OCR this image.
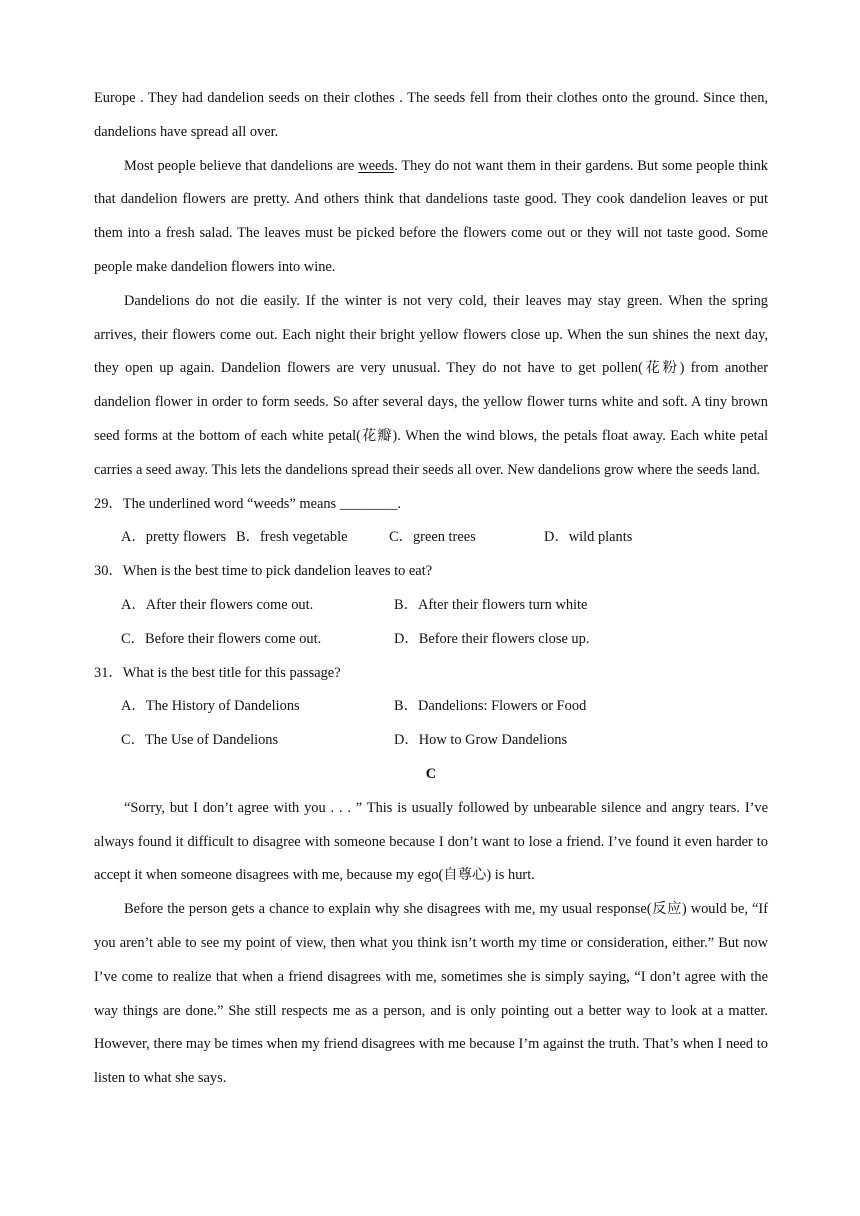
Europe . They had dandelion seeds on their clothes . The seeds fell from their clothes onto the ground. Since then, dandelions have spread all over.

Most people believe that dandelions are weeds. They do not want them in their gardens. But some people think that dandelion flowers are pretty. And others think that dandelions taste good. They cook dandelion leaves or put them into a fresh salad. The leaves must be picked before the flowers come out or they will not taste good. Some people make dandelion flowers into wine.

Dandelions do not die easily. If the winter is not very cold, their leaves may stay green. When the spring arrives, their flowers come out. Each night their bright yellow flowers close up. When the sun shines the next day, they open up again. Dandelion flowers are very unusual. They do not have to get pollen(花粉) from another dandelion flower in order to form seeds. So after several days, the yellow flower turns white and soft. A tiny brown seed forms at the bottom of each white petal(花瓣). When the wind blows, the petals float away. Each white petal carries a seed away. This lets the dandelions spread their seeds all over. New dandelions grow where the seeds land.

29．The underlined word “weeds” means ________.

A．pretty flowers B．fresh vegetable	C．green trees	D．wild plants

30．When is the best time to pick dandelion leaves to eat?

A．After their flowers come out.	B．After their flowers turn white
C．Before their flowers come out.	D．Before their flowers close up.

31．What is the best title for this passage?

A．The History of Dandelions	B．Dandelions: Flowers or Food
C．The Use of Dandelions	D．How to Grow Dandelions

C

“Sorry, but I don’t agree with you . . . ” This is usually followed by unbearable silence and angry tears. I’ve always found it difficult to disagree with someone because I don’t want to lose a friend. I’ve found it even harder to accept it when someone disagrees with me, because my ego(自尊心) is hurt.

Before the person gets a chance to explain why she disagrees with me, my usual response(反应) would be, “If you aren’t able to see my point of view, then what you think isn’t worth my time or consideration, either.” But now I’ve come to realize that when a friend disagrees with me, sometimes she is simply saying, “I don’t agree with the way things are done.” She still respects me as a person, and is only pointing out a better way to look at a matter. However, there may be times when my friend disagrees with me because I’m against the truth. That’s when I need to listen to what she says.
